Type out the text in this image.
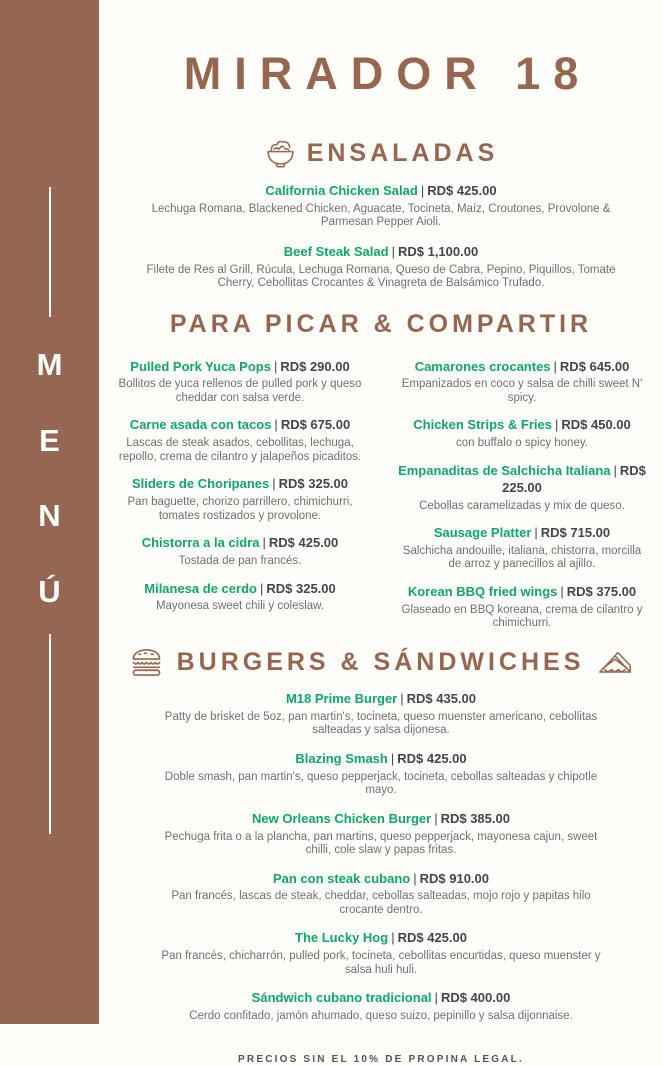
M
E
N
Ú
MIRADOR 18
ENSALADAS
California Chicken Salad | RD$ 425.00
Lechuga Romana, Blackened Chicken, Aguacate, Tocineta, Maíz, Croutones, Provolone & Parmesan Pepper Aioli.
Beef Steak Salad | RD$ 1,100.00
Filete de Res al Grill, Rúcula, Lechuga Romana, Queso de Cabra, Pepino, Piquillos, Tomate Cherry, Cebollitas Crocantes & Vinagreta de Balsámico Trufado.
PARA PICAR & COMPARTIR
Pulled Pork Yuca Pops | RD$ 290.00
Bollitos de yuca rellenos de pulled pork y queso cheddar con salsa verde.
Carne asada con tacos | RD$ 675.00
Lascas de steak asados, cebollitas, lechuga, repollo, crema de cilantro y jalapeños picaditos.
Sliders de Choripanes | RD$ 325.00
Pan baguette, chorizo parrillero, chimichurri, tomates rostizados y provolone.
Chistorra a la cidra | RD$ 425.00
Tostada de pan francés.
Milanesa de cerdo | RD$ 325.00
Mayonesa sweet chili y coleslaw.
Camarones crocantes | RD$ 645.00
Empanizados en coco y salsa de chilli sweet N' spicy.
Chicken Strips & Fries | RD$ 450.00
con buffalo o spicy honey.
Empanaditas de Salchicha Italiana | RD$ 225.00
Cebollas caramelizadas y mix de queso.
Sausage Platter | RD$ 715.00
Salchicha andouille, italiana, chistorra, morcilla de arroz y panecillos al ajillo.
Korean BBQ fried wings | RD$ 375.00
Glaseado en BBQ koreana, crema de cilantro y chimichurri.
BURGERS & SÁNDWICHES
M18 Prime Burger | RD$ 435.00
Patty de brisket de 5oz, pan martin's, tocineta, queso muenster americano, cebollitas salteadas y salsa dijonesa.
Blazing Smash | RD$ 425.00
Doble smash, pan martin's, queso pepperjack, tocineta, cebollas salteadas y chipotle mayo.
New Orleans Chicken Burger | RD$ 385.00
Pechuga frita o a la plancha, pan martins, queso pepperjack, mayonesa cajun, sweet chilli, cole slaw y papas fritas.
Pan con steak cubano | RD$ 910.00
Pan francés, lascas de steak, cheddar, cebollas salteadas, mojo rojo y papitas hilo crocante dentro.
The Lucky Hog | RD$ 425.00
Pan francés, chicharrón, pulled pork, tocineta, cebollitas encurtidas, queso muenster y salsa huli huli.
Sándwich cubano tradicional | RD$ 400.00
Cerdo confitado, jamón ahumado, queso suizo, pepinillo y salsa dijonnaise.
PRECIOS SIN EL 10% DE PROPINA LEGAL.
